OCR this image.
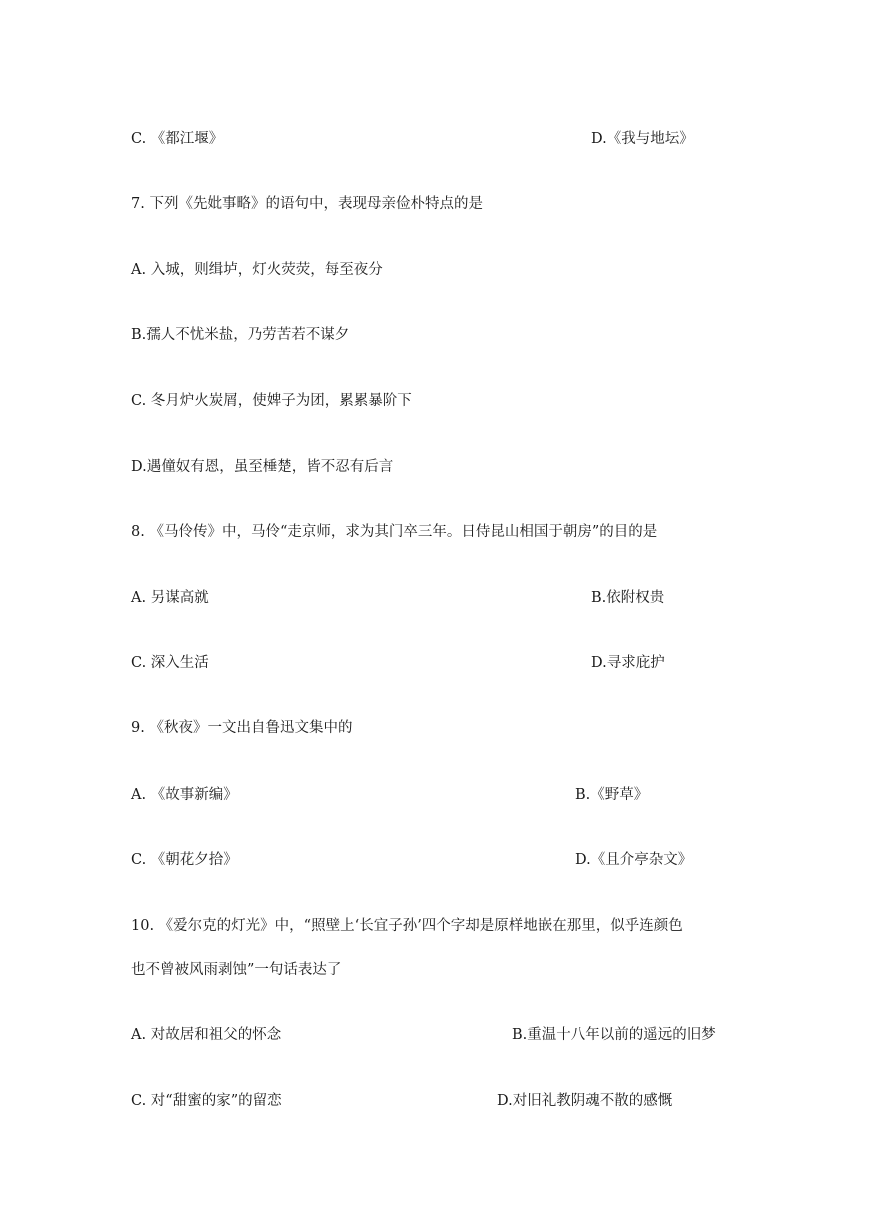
C. 《都江堰》	D.《我与地坛》
7. 下列《先妣事略》的语句中，表现母亲俭朴特点的是
A. 入城，则缉垆，灯火荧荧，每至夜分
B.孺人不忧米盐，乃劳苦若不谋夕
C. 冬月炉火炭屑，使婢子为团，累累暴阶下
D.遇僮奴有恩，虽至棰楚，皆不忍有后言
8. 《马伶传》中，马伶“走京师，求为其门卒三年。日侍昆山相国于朝房”的目的是
A. 另谋高就	B.依附权贵
C. 深入生活	D.寻求庇护
9. 《秋夜》一文出自鲁迅文集中的
A. 《故事新编》	B.《野草》
C. 《朝花夕拾》	D.《且介亭杂文》
10. 《爱尔克的灯光》中，“照壁上‘长宜子孙’四个字却是原样地嵌在那里，似乎连颜色
也不曾被风雨剥蚀”一句话表达了
A. 对故居和祖父的怀念	B.重温十八年以前的遥远的旧梦
C. 对“甜蜜的家”的留恋	D.对旧礼教阴魂不散的感慨
